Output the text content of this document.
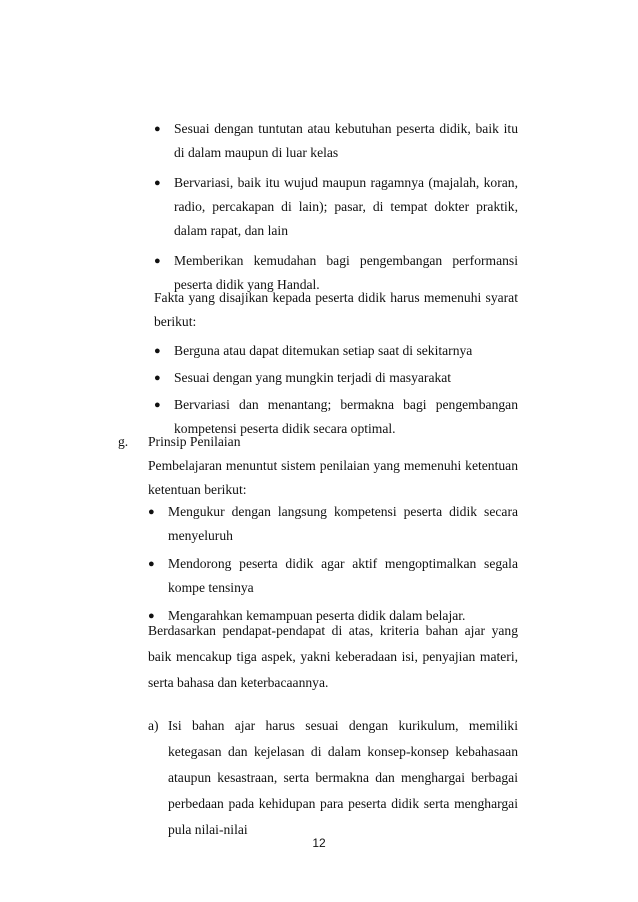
● Sesuai dengan tuntutan atau kebutuhan peserta didik, baik itu di dalam maupun di luar kelas
● Bervariasi, baik itu wujud maupun ragamnya (majalah, koran, radio, percakapan di lain); pasar, di tempat dokter praktik, dalam rapat, dan lain
● Memberikan kemudahan bagi pengembangan performansi peserta didik yang Handal.

Fakta yang disajikan kepada peserta didik harus memenuhi syarat berikut:

● Berguna atau dapat ditemukan setiap saat di sekitarnya
● Sesuai dengan yang mungkin terjadi di masyarakat
● Bervariasi dan menantang; bermakna bagi pengembangan kompetensi peserta didik secara optimal.
g. Prinsip Penilaian

Pembelajaran menuntut sistem penilaian yang memenuhi ketentuan ketentuan berikut:

● Mengukur dengan langsung kompetensi peserta didik secara menyeluruh
● Mendorong peserta didik agar aktif mengoptimalkan segala kompe tensinya
● Mengarahkan kemampuan peserta didik dalam belajar.

Berdasarkan pendapat-pendapat di atas, kriteria bahan ajar yang baik mencakup tiga aspek, yakni keberadaan isi, penyajian materi, serta bahasa dan keterbacaannya.

a) Isi bahan ajar harus sesuai dengan kurikulum, memiliki ketegasan dan kejelasan di dalam konsep-konsep kebahasaan ataupun kesastraan, serta bermakna dan menghargai berbagai perbedaan pada kehidupan para peserta didik serta menghargai pula nilai-nilai
12
